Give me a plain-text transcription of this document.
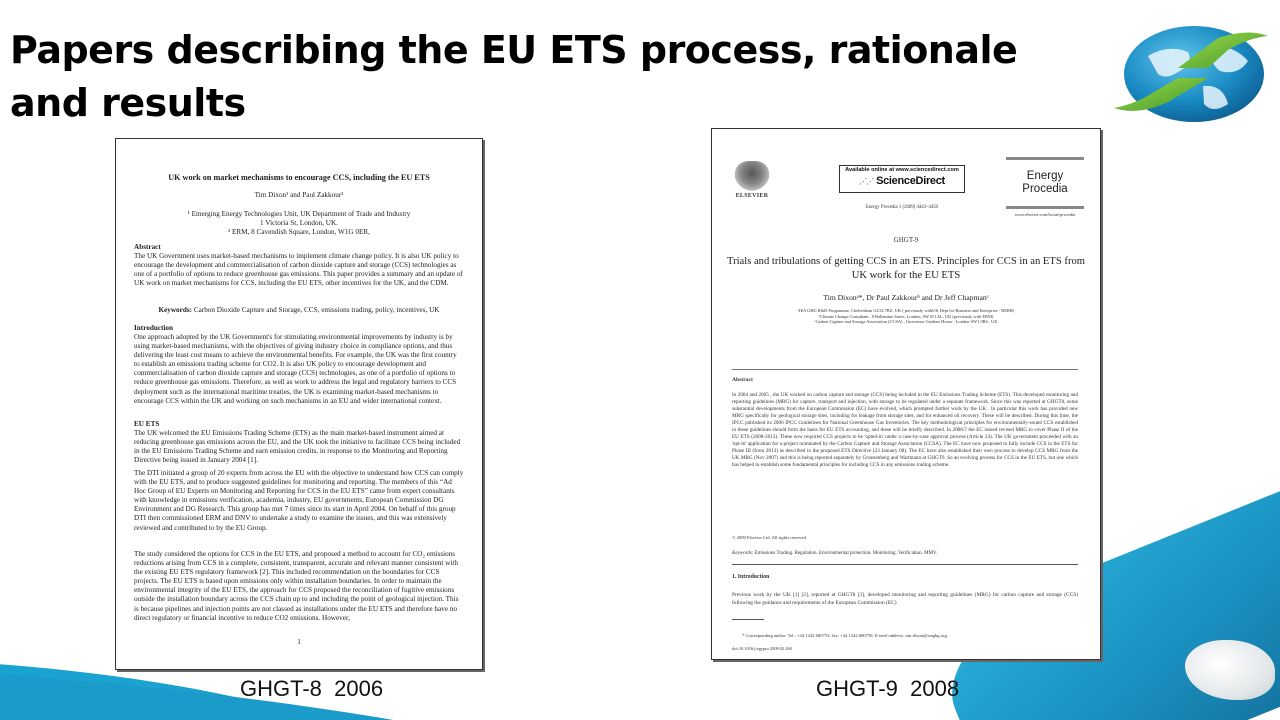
Papers describing the EU ETS process, rationale and results
UK work on market mechanisms to encourage CCS, including the EU ETS
Tim Dixon¹ and Paul Zakkour²
¹ Emerging Energy Technologies Unit, UK Department of Trade and Industry
1 Victoria St, London, UK.
² ERM, 8 Cavendish Square, London, W1G 0ER,
Abstract
The UK Government uses market-based mechanisms to implement climate change policy. It is also UK policy to encourage the development and commercialisation of carbon dioxide capture and storage (CCS) technologies as one of a portfolio of options to reduce greenhouse gas emissions. This paper provides a summary and an update of UK work on market mechanisms for CCS, including the EU ETS, other incentives for the UK, and the CDM.
Keywords: Carbon Dioxide Capture and Storage, CCS, emissions trading, policy, incentives, UK
Introduction
One approach adopted by the UK Government's for stimulating environmental improvements by industry is by using market-based mechanisms, with the objectives of giving industry choice in compliance options, and thus delivering the least cost means to achieve the environmental benefits. For example, the UK was the first country to establish an emissions trading scheme for CO2. It is also UK policy to encourage development and commercialisation of carbon dioxide capture and storage (CCS) technologies, as one of a portfolio of options to reduce greenhouse gas emissions. Therefore, as well as work to address the legal and regulatory barriers to CCS deployment such as the international maritime treaties, the UK is examining market-based mechanisms to encourage CCS within the UK and working on such mechanisms in an EU and wider international context.
EU ETS
The UK welcomed the EU Emissions Trading Scheme (ETS) as the main market-based instrument aimed at reducing greenhouse gas emissions across the EU, and the UK took the initiative to facilitate CCS being included in the EU Emissions Trading Scheme and earn emission credits, in response to the Monitoring and Reporting Directive being issued in January 2004 [1].
The DTI initiated a group of 20 experts from across the EU with the objective to understand how CCS can comply with the EU ETS, and to produce suggested guidelines for monitoring and reporting. The members of this “Ad Hoc Group of EU Experts on Monitoring and Reporting for CCS in the EU ETS” came from expert consultants with knowledge in emissions verification, academia, industry, EU governments, European Commission DG Environment and DG Research. This group has met 7 times since its start in April 2004. On behalf of this group DTI then commissioned ERM and DNV to undertake a study to examine the issues, and this was extensively reviewed and contributed to by the EU Group.
The study considered the options for CCS in the EU ETS, and proposed a method to account for CO₂ emissions reductions arising from CCS in a complete, consistent, transparent, accurate and relevant manner consistent with the existing EU ETS regulatory framework [2]. This included recommendation on the boundaries for CCS projects. The EU ETS is based upon emissions only within installation boundaries. In order to maintain the environmental integrity of the EU ETS, the approach for CCS proposed the reconciliation of fugitive emissions outside the installation boundary across the CCS chain up to and including the point of geological injection. This is because pipelines and injection points are not classed as installations under the EU ETS and therefore have no direct regulatory or financial incentive to reduce CO2 emissions. However,
1
GHGT-8  2006
ELSEVIER
Available online at www.sciencedirect.com
⋰⋰ ScienceDirect
Energy Procedia 1 (2009) 4443–4450
Energy Procedia
www.elsevier.com/locate/procedia
GHGT-9
Trials and tribulations of getting CCS in an ETS. Principles for CCS in an ETS from UK work for the EU ETS
Tim Dixonᵃ*, Dr Paul Zakkourᵇ and Dr Jeff Chapmanᶜ
ᵃIEA GHG R&D Programme, Cheltenham GL52 7RZ, UK ( previously withUK Dept for Business and Enterprise - BERR)
ᵇClimate Change Consultant , 9 Ballantine Street, London, SW18 1AL, UK (previously with ERM)
ᶜCarbon Capture and Storage Association (CCSA) , Grosvenor Gardens House , London SW1 0BS , UK
Abstract
In 2004 and 2005 , the UK worked on carbon capture and storage (CCS) being included in the EU Emissions Trading Scheme (ETS). This developed monitoring and reporting guidelines (MRG) for capture, transport and injection, with storage to be regulated under a separate framework. Since this was reported at GHGT8, some substantial developments from the European Commission (EC) have evolved, which prompted further work by the UK . In particular this work has provided new MRG specifically for geological storage sites, including for leakage from storage sites, and for enhanced oil recovery. These will be described. During this time, the IPCC published its 2006 IPCC Guidelines for National Greenhouse Gas Inventories. The key methodological principles for environmentally-sound CCS established in these guidelines should form the basis for EU ETS accounting, and these will be briefly described. In 2006/7 the EC issued revised MRG to cover Phase II of the EU ETS (2008-2012). These now required CCS projects to be 'opted-in' under a case-by-case approval process (Article 24). The UK government proceeded with an 'opt-in' application for a project nominated by the Carbon Capture and Storage Association (CCSA). The EC have now proposed to fully include CCS in the ETS for Phase III (from 2013) as described in the proposed ETS Directive (23 January 08). The EC have also established their own process to develop CCS MRG from the UK MRG (Nov 2007) and this is being reported separately by Groenenberg and Wartmann at GHGT9. So an evolving process for CCS in the EU ETS, but one which has helped to establish some fundamental principles for including CCS in any emissions trading scheme.
© 2009 Elsevier Ltd. All rights reserved.
Keywords: Emissions Trading. Regulation. Environmental protection. Monitoring. Verification. MMV.
1. Introduction
Previous work by the UK [1] [2], reported at GHGT8 [3], developed monitoring and reporting guidelines (MRG) for carbon capture and storage (CCS) following the guidance and requirements of the European Commission (EC)
* Corresponding author. Tel.: +44 1242 680753; fax: +44 1242 680758. E-mail address: tim.dixon@ieaghg.org.
doi:10.1016/j.egypro.2009.02.260
GHGT-9  2008
